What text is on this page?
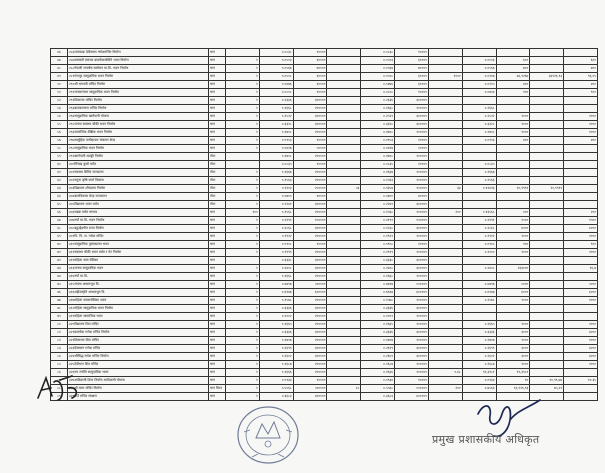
४६	२८६ललाबाङ देवीस्थान गणेशमन्दिर निर्माण	थान		०.०८३८	१००००		०.०८३८	९००००					
४७	२८७सरस्वती स्मारक ग्रामसेवासमिति भवन निर्माण	थान	१	०.०५०३	६००००		०.०५०३	६००००		०.०५०३	६००		६००
४८	२८८नेपाली जनतोष सम्मेलन मा.वि. भवन निर्माण	थान	१	०.०५६७	७००००		०.०५६७	७००००		०.०५६७	७००		७००
४९	२८९गंगापुर सामुदायिक भवन निर्माण	थान	१	०.०५०८	६००००		०.०५०८	६००००	९०००	०.०२०७	४६,९२६७	३६९२६.९३	९६,०५
५०	२९०श्री भगवती मन्दिर निर्माण	थान	१	०.०४७६	६००००		०.०४७६	६००००		०.०१२५	४००		४००
५१	२९१जनकल्याण सामुदायिक भवन निर्माण	थान	१	०.०८०८	१००००		०.०८०८	९००००		०.०७०४	९००		९००
५२	२९२शिवालय मन्दिर निर्माण	थान	१	०.२३३६	३०००००		०.२३३६	३०००००					
५३	२९३बालकल्याण मन्दिर निर्माण	थान	१	०.१६६८	२०००००		०.१६६८	२०००००		०.१६६८			
५४	२९४सामुदायिक खानेपानी योजना	थान	१	०.२५२२	३०००००		०.२५२२	३०००००		०.२५२२	२०००		२०००
५५	२९५जनता स्वास्थ्य चौकी भवन निर्माण	थान	१	०.३३२८	३०००००		०.३३२८	३०००००		०.३३२८	२०००		२०००
५६	२९६सामाजिक शैक्षिक भवन निर्माण	थान	१	०.१७०८	२०००००		०.१७०८	२०००००		०.१७०८	१०००		१०००
५७	२९७सामूहिक वनपैदावार संकलन केन्द्र	थान	१	०.०९५३	१००००		०.०९५३	१००००		०.०९५३	४००		४००
५८	२९८सामुदायिक भवन निर्माण	थान	१	०.०४२७	५००००		०.०४२७	५००००					
५९	२९९खानेपानी ट्याङ्की निर्माण	गोटा		०.१७०८	२०००००		०.१७०८	२०००००					
६०	३००सिंचाइ कुलो मर्मत	गोटा		०.०८३५	१००००		०.०८३५	१००००		०.०८३५			
६१	३०१स्वास्थ्य शिविर सञ्चालन	गोटा	१	०.१६६७	२०००००		०.१६६७	२०००००		०.१६६७			
६२	३०२नमूना कृषि फार्म विकास	गोटा	१	०.१५६३	२०००००		०.१५६३	२०००००		०.१५६३			
६३	३०३विद्यालय शौचालय निर्माण	गोटा	१	०.१२०३	२५००००	५३	०.१३५७	२५००००	३३	०.१२४९३	२०,९९९९	२०,९९९९	
६४	३०४बालविकास केन्द्र सञ्चालन	गोटा	१	०.०७००	४००००		०.०७००	४००००					
६५	३०५विद्यालय भवन मर्मत	गोटा	१	०.२२४१	३०००००		०.२२४१	३०००००					
६६	३०६सडक मर्मत सम्भार	थान	१००	०.१५६८	२०००००		०.१५६८	२०००००	१००	०.१३५६८	२००		२००
६७	३०७नयाँ मा.वि. भवन निर्माण	थान	१	०.२१९१	१५००००		०.२१९१	१५००००		०.२१९१	१५००		१५००
६८	३०८बहुउद्देश्यीय मञ्च निर्माण	थान	१	०.२८६८	३०००००		०.२८६८	३०००००		०.२८६८	४०००		४०००
६९	३०९पि. पि. स. गणेश मन्दिर	थान	१	०.१९२२	२०००००		०.१९२२	२०००००		०.१९२२	२०००		२०००
७०	३१०सामुदायिक पुस्तकालय भवन	थान	१	०.०९०८	१००००		०.०९०८	१००००		०.०९०८	९००		९००
७१	३११स्वास्थ्य चौकी भवन मर्मत र गेट निर्माण	थान	१	०.१९९९	२०००००		०.१९९९	२०००००		०.२०००	२०००		२०००
७२	३१२महिला स्वयं सेविका	थान		०.३३३८	३०००००		०.३३३८	३०००००					
७३	३१३जनता सामुदायिक भवन	थान	१	०.२४०८	३०००००		०.२४०८	३०००००		०.२४०८	२६३०००		१६,७
७४	३१४नयाँ मा.वि.	थान	१	०.१६६८	२०००००		०.१६६८	२०००००					
७५	३१५जनता आधारभूत वि.	थान	१	०.४७९७	५०००००		०.४७९७	५०००००		०.४७९७	५०००		५०००
७६	३१६शहीदस्मृति आधारभूत वि.	थान	१	०.६९४७	६०००००		०.६९४७	६०००००		०.४९४७	६०००		६०००
७७	३१७महिला स्वयमसेविका भवन	थान	१	०.१५७८	२०००००		०.१५७८	२०००००		०.१५७८	१०००		१०००
७८	३१८महिला सामुदायिक भवन निर्माण	थान	१	०.३३३६	३०००००		०.३३३६	३०००००					
७९	३१९महिला सामाजिक भवन	थान	१	०.२००२	२०००००		०.२००२	२०००००					
८०	३२०विद्यालय शिव मन्दिर	थान	१	०.१६६५	२०००००		०.१६६५	२०००००		०.१६६५	२०००		२०००
८१	३२१ग्रामसेवा गणेश मन्दिर निर्माण	थान	१	०.३३३६	३०००००		०.३३३६	३०००००		०.३३३६	३०००		३०००
८२	३२२शिवालय शिव मन्दिर	थान	१	०.१७०७	२०००००		०.१७०७	२०००००		०.१७०७	१०००		१०००
८३	३२३दैवस्थान गणेश मन्दिर	थान	१	०.२६९९	३०००००		०.२६९९	३०००००		०.२६९९	३०००		३०००
८४	३२४श्रीसिद्ध गणेश मन्दिर निर्माण	थान	१	०.२६०२	३०००००		०.२६०२	३०००००		०.२६०२	३०००		३०००
८५	३२५देवीथान शिव मन्दिर	थान	१	०.१६८७	२०००००		०.१६८७	२०००००		०.१६८७	२०००		२०००
८६	३२६नव ज्योति सामुदायिक भवन	थान	१	०.१६६६	२०००००		०.१६६६	२०००००	०.४८	९२,३९८१	९२,३९८१		
८७	३२७आदिवासी दिव्य निर्माण आदिवासी योजना	थान	१	०.०९३४	१००००		०.०९३४	९००००		०.०९३४	९०	१०,९९,७४	१०.३५
८८	३२८श्री माता मन्दिर निर्माण	थान मिटर	१	०.५५६८	५०००००	२८	०.५५६८	५०००००	१००	०.७५६४	६२,१२६,९३	७५,२२	
८९	३२९गाउँ मन्दिर संरक्षण	थान	१	०.३६८३	४०००००		०.३६८३	४०००००					
प्रमुख प्रशासकीय अधिकृत
